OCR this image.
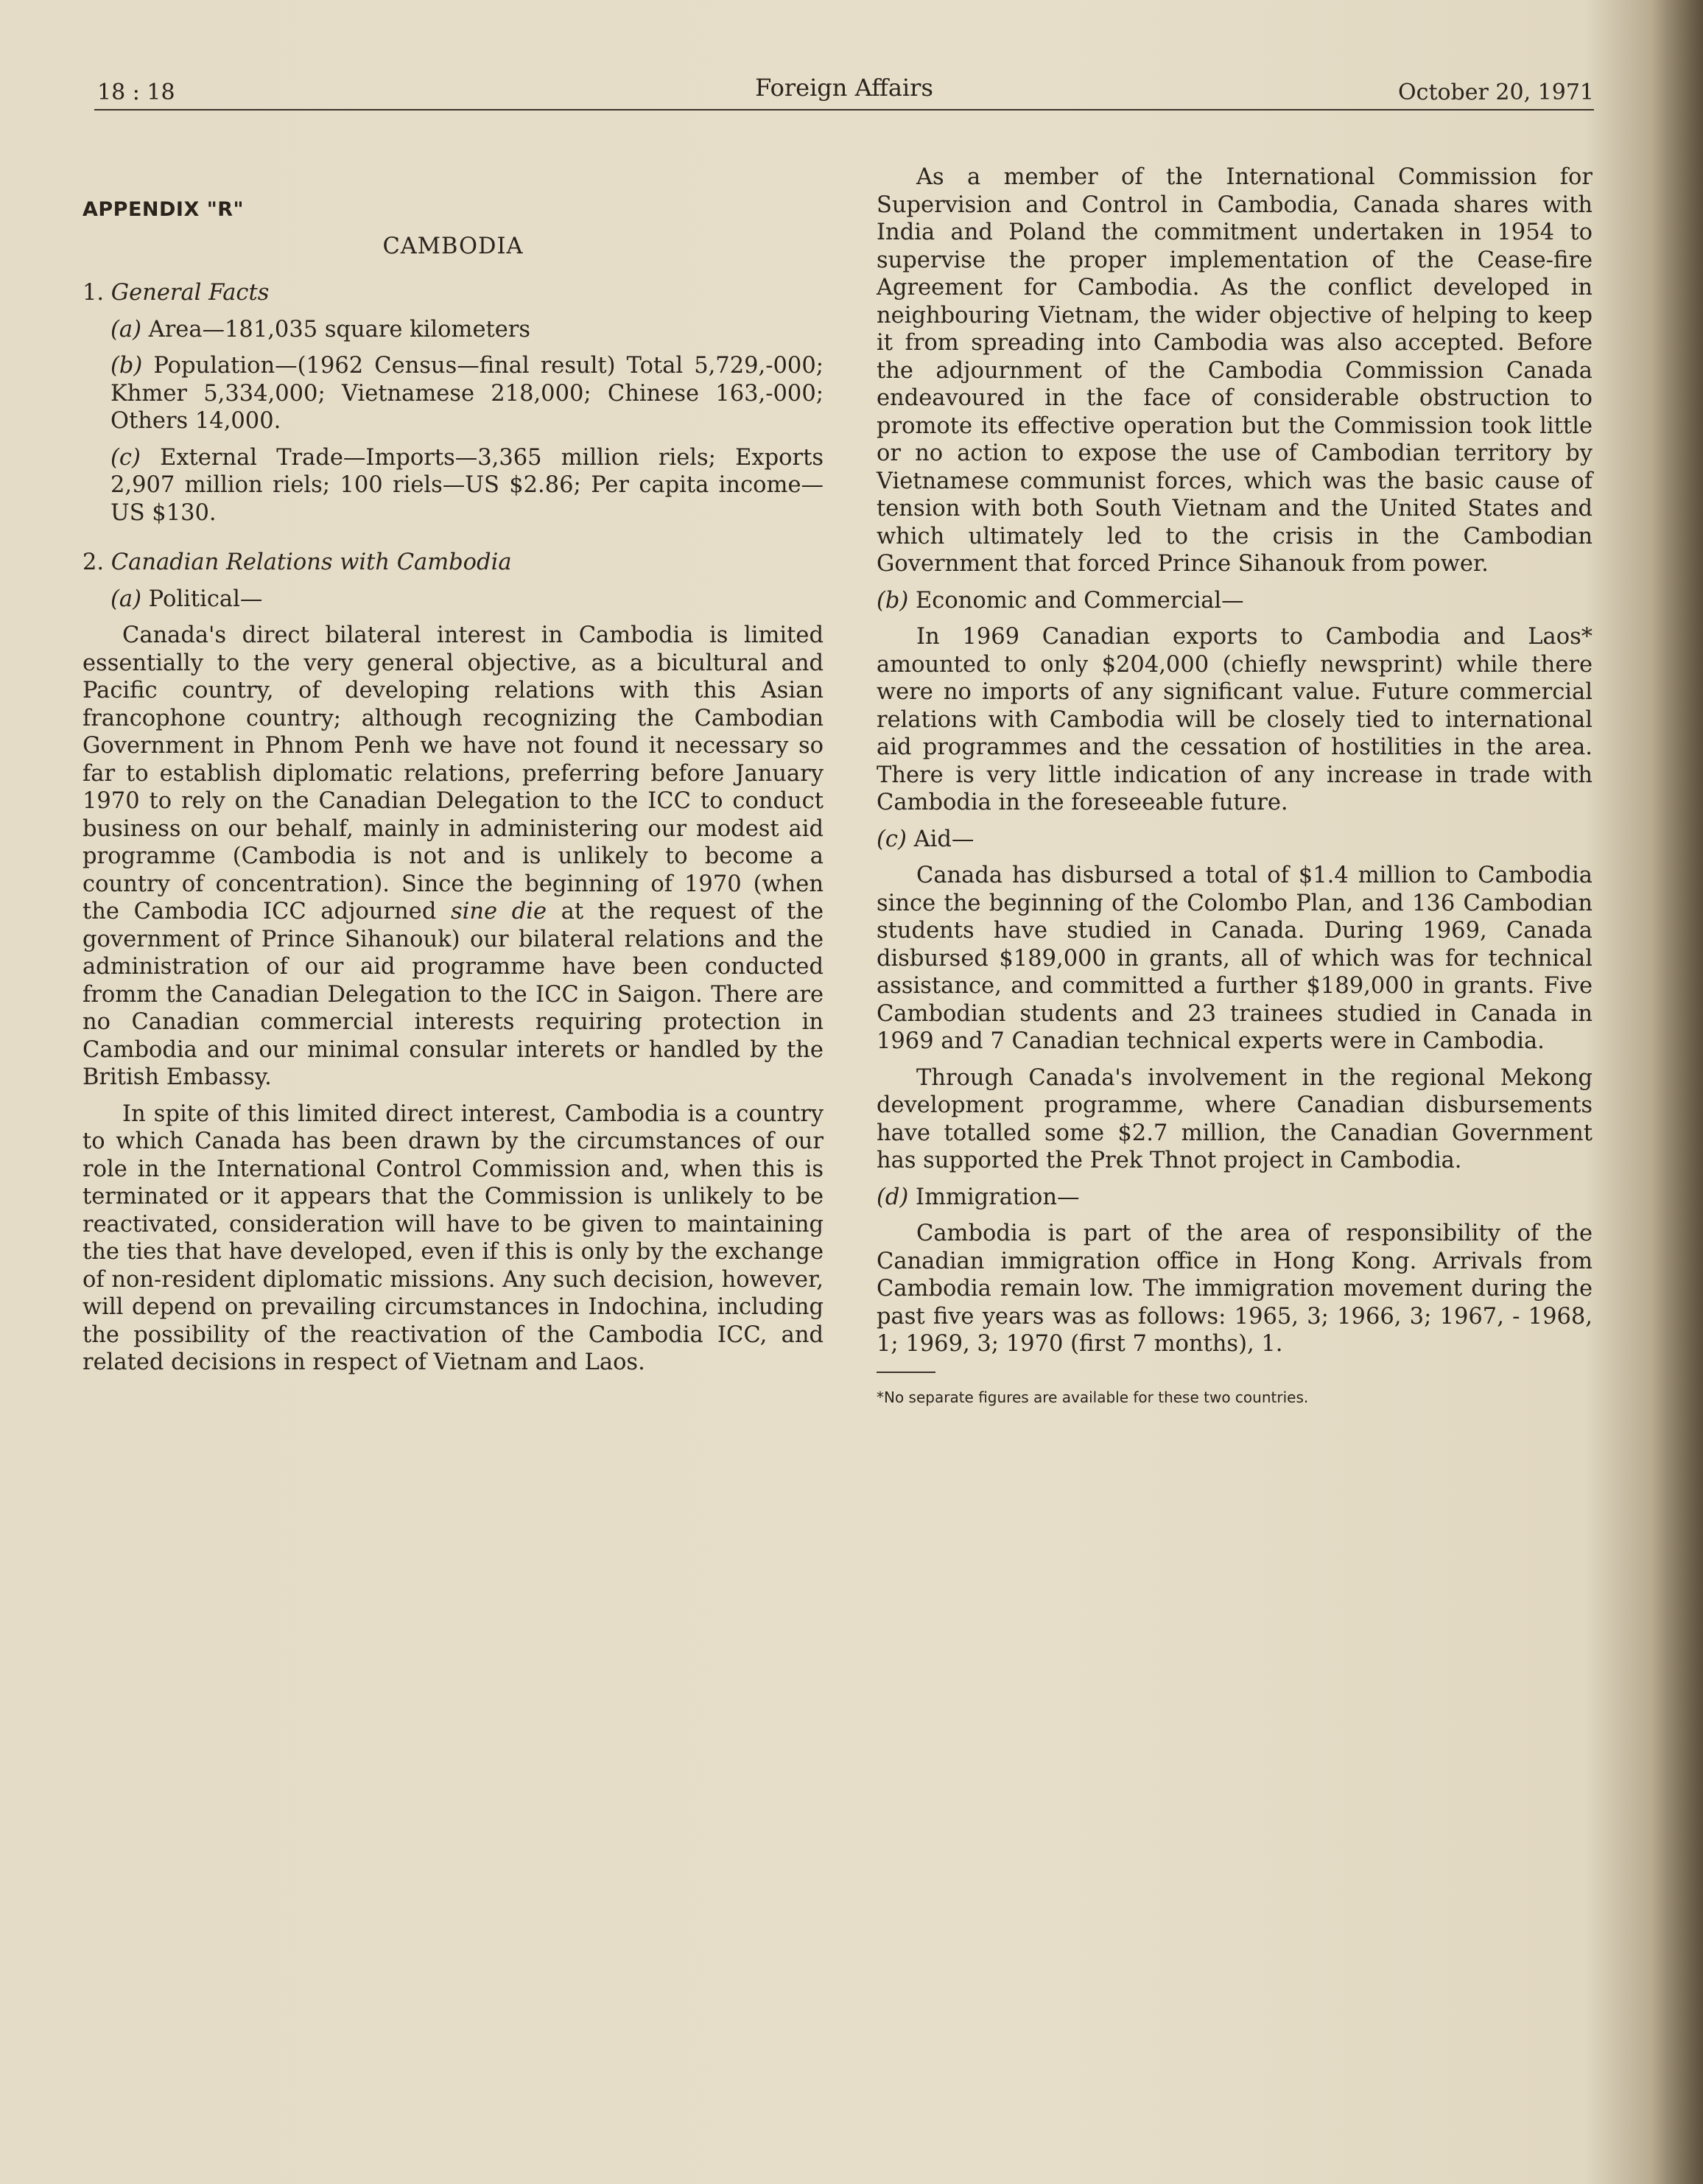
18 : 18	Foreign Affairs	October 20, 1971

APPENDIX "R"

CAMBODIA

1. General Facts

(a) Area—181,035 square kilometers

(b) Population—(1962 Census—final result) Total 5,729,-000; Khmer 5,334,000; Vietnamese 218,000; Chinese 163,-000; Others 14,000.

(c) External Trade—Imports—3,365 million riels; Exports 2,907 million riels; 100 riels—US $2.86; Per capita income—US $130.

2. Canadian Relations with Cambodia

(a) Political—

Canada's direct bilateral interest in Cambodia is limited essentially to the very general objective, as a bicultural and Pacific country, of developing relations with this Asian francophone country; although recognizing the Cambodian Government in Phnom Penh we have not found it necessary so far to establish diplomatic relations, preferring before January 1970 to rely on the Canadian Delegation to the ICC to conduct business on our behalf, mainly in administering our modest aid programme (Cambodia is not and is unlikely to become a country of concentration). Since the beginning of 1970 (when the Cambodia ICC adjourned sine die at the request of the government of Prince Sihanouk) our bilateral relations and the administration of our aid programme have been conducted fromm the Canadian Delegation to the ICC in Saigon. There are no Canadian commercial interests requiring protection in Cambodia and our minimal consular interets or handled by the British Embassy.

In spite of this limited direct interest, Cambodia is a country to which Canada has been drawn by the circumstances of our role in the International Control Commission and, when this is terminated or it appears that the Commission is unlikely to be reactivated, consideration will have to be given to maintaining the ties that have developed, even if this is only by the exchange of non-resident diplomatic missions. Any such decision, however, will depend on prevailing circumstances in Indochina, including the possibility of the reactivation of the Cambodia ICC, and related decisions in respect of Vietnam and Laos.

As a member of the International Commission for Supervision and Control in Cambodia, Canada shares with India and Poland the commitment undertaken in 1954 to supervise the proper implementation of the Cease-fire Agreement for Cambodia. As the conflict developed in neighbouring Vietnam, the wider objective of helping to keep it from spreading into Cambodia was also accepted. Before the adjournment of the Cambodia Commission Canada endeavoured in the face of considerable obstruction to promote its effective operation but the Commission took little or no action to expose the use of Cambodian territory by Vietnamese communist forces, which was the basic cause of tension with both South Vietnam and the United States and which ultimately led to the crisis in the Cambodian Government that forced Prince Sihanouk from power.

(b) Economic and Commercial—

In 1969 Canadian exports to Cambodia and Laos* amounted to only $204,000 (chiefly newsprint) while there were no imports of any significant value. Future commercial relations with Cambodia will be closely tied to international aid programmes and the cessation of hostilities in the area. There is very little indication of any increase in trade with Cambodia in the foreseeable future.

(c) Aid—

Canada has disbursed a total of $1.4 million to Cambodia since the beginning of the Colombo Plan, and 136 Cambodian students have studied in Canada. During 1969, Canada disbursed $189,000 in grants, all of which was for technical assistance, and committed a further $189,000 in grants. Five Cambodian students and 23 trainees studied in Canada in 1969 and 7 Canadian technical experts were in Cambodia.

Through Canada's involvement in the regional Mekong development programme, where Canadian disbursements have totalled some $2.7 million, the Canadian Government has supported the Prek Thnot project in Cambodia.

(d) Immigration—

Cambodia is part of the area of responsibility of the Canadian immigration office in Hong Kong. Arrivals from Cambodia remain low. The immigration movement during the past five years was as follows: 1965, 3; 1966, 3; 1967, - 1968, 1; 1969, 3; 1970 (first 7 months), 1.

*No separate figures are available for these two countries.
